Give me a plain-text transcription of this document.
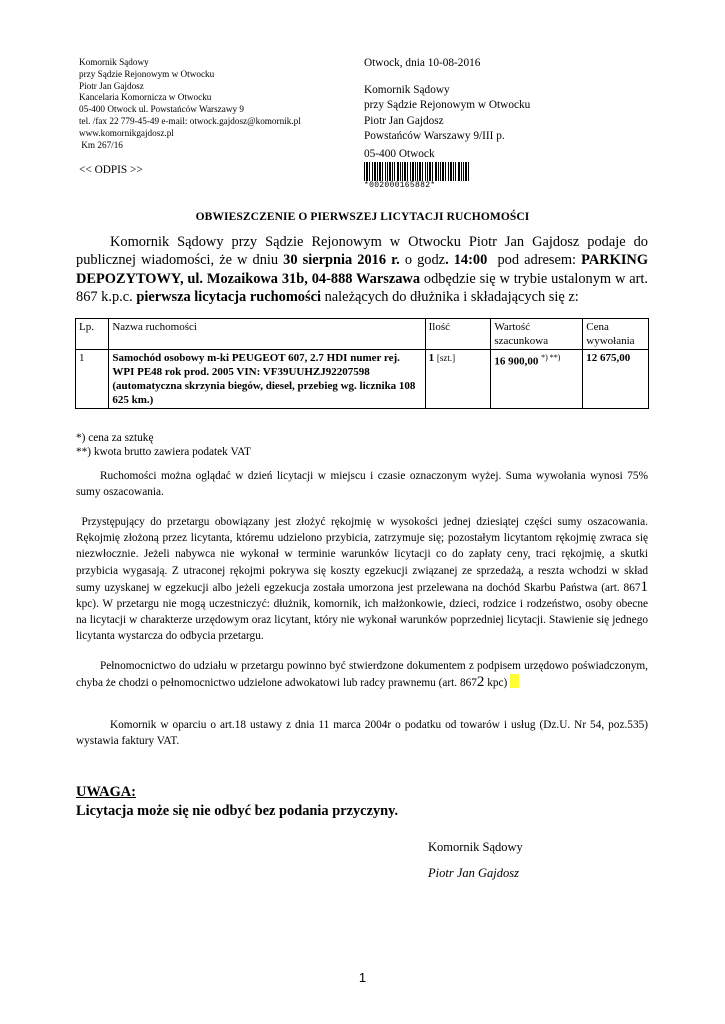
Komornik Sądowy
przy Sądzie Rejonowym w Otwocku
Piotr Jan Gajdosz
Kancelaria Komornicza w Otwocku
05-400 Otwock ul. Powstańców Warszawy 9
tel. /fax 22 779-45-49 e-mail: otwock.gajdosz@komornik.pl
www.komornikgajdosz.pl
Km 267/16
Otwock, dnia 10-08-2016
Komornik Sądowy
przy Sądzie Rejonowym w Otwocku
Piotr Jan Gajdosz
Powstańców Warszawy 9/III p.
05-400 Otwock
*002000165882*
<< ODPIS >>
OBWIESZCZENIE O PIERWSZEJ LICYTACJI RUCHOMOŚCI

Komornik Sądowy przy Sądzie Rejonowym w Otwocku Piotr Jan Gajdosz podaje do publicznej wiadomości, że w dniu 30 sierpnia 2016 r. o godz. 14:00  pod adresem: PARKING DEPOZYTOWY, ul. Mozaikowa 31b, 04-888 Warszawa odbędzie się w trybie ustalonym w art. 867 k.p.c. pierwsza licytacja ruchomości należących do dłużnika i składających się z:

Lp.	Nazwa ruchomości	Ilość	Wartość szacunkowa	Cena wywołania
1	Samochód osobowy m-ki PEUGEOT 607, 2.7 HDI numer rej. WPI PE48 rok prod. 2005 VIN: VF39UUHZJ92207598 (automatyczna skrzynia biegów, diesel, przebieg wg. licznika 108 625 km.)	1 [szt.]	16 900,00 *) **)	12 675,00
*) cena za sztukę
**) kwota brutto zawiera podatek VAT

Ruchomości można oglądać w dzień licytacji w miejscu i czasie oznaczonym wyżej. Suma wywołania wynosi 75% sumy oszacowania.

Przystępujący do przetargu obowiązany jest złożyć rękojmię w wysokości jednej dziesiątej części sumy oszacowania. Rękojmię złożoną przez licytanta, któremu udzielono przybicia, zatrzymuje się; pozostałym licytantom rękojmię zwraca się niezwłocznie. Jeżeli nabywca nie wykonał w terminie warunków licytacji co do zapłaty ceny, traci rękojmię, a skutki przybicia wygasają. Z utraconej rękojmi pokrywa się koszty egzekucji związanej ze sprzedażą, a reszta wchodzi w skład sumy uzyskanej w egzekucji albo jeżeli egzekucja została umorzona jest przelewana na dochód Skarbu Państwa (art. 8671 kpc). W przetargu nie mogą uczestniczyć: dłużnik, komornik, ich małżonkowie, dzieci, rodzice i rodzeństwo, osoby obecne na licytacji w charakterze urzędowym oraz licytant, który nie wykonał warunków poprzedniej licytacji. Stawienie się jednego licytanta wystarcza do odbycia przetargu.

Pełnomocnictwo do udziału w przetargu powinno być stwierdzone dokumentem z podpisem urzędowo poświadczonym, chyba że chodzi o pełnomocnictwo udzielone adwokatowi lub radcy prawnemu (art. 8672 kpc)

Komornik w oparciu o art.18 ustawy z dnia 11 marca 2004r o podatku od towarów i usług (Dz.U. Nr 54, poz.535) wystawia faktury VAT.

UWAGA:
Licytacja może się nie odbyć bez podania przyczyny.
Komornik Sądowy
Piotr Jan Gajdosz
1
